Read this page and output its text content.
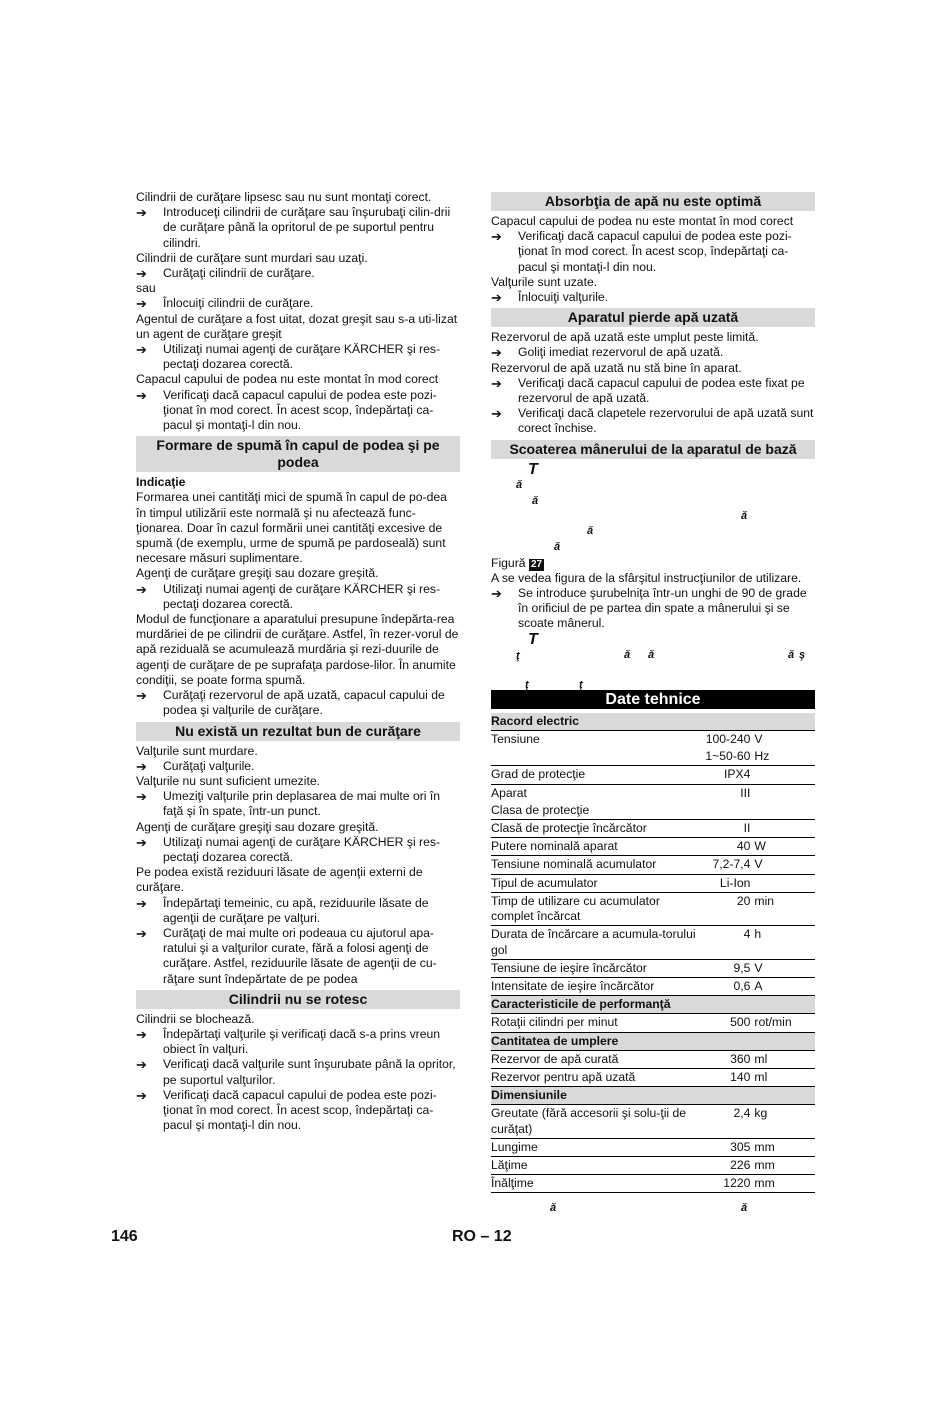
Cilindrii de curăţare lipsesc sau nu sunt montaţi corect.

➔	Introduceţi cilindrii de curăţare sau înşurubaţi cilin-drii de curăţare până la opritorul de pe suportul pentru cilindri.

Cilindrii de curăţare sunt murdari sau uzaţi.

➔	Curăţaţi cilindrii de curăţare.

sau

➔	Înlocuiţi cilindrii de curăţare.

Agentul de curăţare a fost uitat, dozat greşit sau s-a uti-lizat un agent de curăţare greşit

➔	Utilizaţi numai agenţi de curăţare KÄRCHER şi res-pectaţi dozarea corectă.

Capacul capului de podea nu este montat în mod corect

➔	Verificaţi dacă capacul capului de podea este pozi-ţionat în mod corect. În acest scop, îndepărtaţi ca-pacul şi montaţi-l din nou.
Formare de spumă în capul de podea şi pe podea

Indicaţie

Formarea unei cantităţi mici de spumă în capul de po-dea în timpul utilizării este normală şi nu afectează func-ţionarea. Doar în cazul formării unei cantităţi excesive de spumă (de exemplu, urme de spumă pe pardoseală) sunt necesare măsuri suplimentare.

Agenţi de curăţare greşiţi sau dozare greşită.

➔	Utilizaţi numai agenţi de curăţare KÄRCHER şi res-pectaţi dozarea corectă.

Modul de funcţionare a aparatului presupune îndepărta-rea murdăriei de pe cilindrii de curăţare. Astfel, în rezer-vorul de apă reziduală se acumulează murdăria şi rezi-duurile de agenţi de curăţare de pe suprafaţa pardose-lilor. În anumite condiţii, se poate forma spumă.

➔	Curăţaţi rezervorul de apă uzată, capacul capului de podea şi valţurile de curăţare.
Nu există un rezultat bun de curăţare

Valţurile sunt murdare.

➔	Curăţaţi valţurile.

Valţurile nu sunt suficient umezite.

➔	Umeziţi valţurile prin deplasarea de mai multe ori în faţă şi în spate, într-un punct.

Agenţi de curăţare greşiţi sau dozare greşită.

➔	Utilizaţi numai agenţi de curăţare KÄRCHER şi res-pectaţi dozarea corectă.

Pe podea există reziduuri lăsate de agenţii externi de curăţare.

➔	Îndepărtaţi temeinic, cu apă, reziduurile lăsate de agenţii de curăţare pe valţuri.
➔	Curăţaţi de mai multe ori podeaua cu ajutorul apa-ratului şi a valţurilor curate, fără a folosi agenţi de curăţare. Astfel, reziduurile lăsate de agenţii de cu-răţare sunt îndepărtate de pe podea
Cilindrii nu se rotesc

Cilindrii se blochează.

➔	Îndepărtaţi valţurile şi verificaţi dacă s-a prins vreun obiect în valţuri.
➔	Verificaţi dacă valţurile sunt înşurubate până la opritor, pe suportul valţurilor.
➔	Verificaţi dacă capacul capului de podea este pozi-ţionat în mod corect. În acest scop, îndepărtaţi ca-pacul şi montaţi-l din nou.
Absorbţia de apă nu este optimă

Capacul capului de podea nu este montat în mod corect

➔	Verificaţi dacă capacul capului de podea este pozi-ţionat în mod corect. În acest scop, îndepărtaţi ca-pacul şi montaţi-l din nou.

Valţurile sunt uzate.

➔	Înlocuiţi valţurile.
Aparatul pierde apă uzată

Rezervorul de apă uzată este umplut peste limită.

➔	Goliţi imediat rezervorul de apă uzată.

Rezervorul de apă uzată nu stă bine în aparat.

➔	Verificaţi dacă capacul capului de podea este fixat pe rezervorul de apă uzată.
➔	Verificaţi dacă clapetele rezervorului de apă uzată sunt corect închise.
Scoaterea mânerului de la aparatul de bază
T
ă
ă
ă
ă
ă

Figură 27

A se vedea figura de la sfârşitul instrucţiunilor de utilizare.

➔	Se introduce şurubelniţa într-un unghi de 90 de grade în orificiul de pe partea din spate a mânerului şi se scoate mânerul.
T
ţ	ă ă	ă ş
ţ	ţ
Date tehnice
Racord electric		
Tensiune	100-240	V
	1~50-60	Hz
Grad de protecţie	IPX4	
Aparat	III	
Clasa de protecţie		
Clasă de protecţie încărcător	II	
Putere nominală aparat	40	W
Tensiune nominală acumulator	7,2-7,4	V
Tipul de acumulator	Li-Ion	
Timp de utilizare cu acumulator complet încărcat	20	min
Durata de încărcare a acumula-torului gol	4	h
Tensiune de ieşire încărcător	9,5	V
Intensitate de ieşire încărcător	0,6	A
Caracteristicile de performanţă		
Rotaţii cilindri per minut	500	rot/min
Cantitatea de umplere		
Rezervor de apă curată	360	ml
Rezervor pentru apă uzată	140	ml
Dimensiunile		
Greutate (fără accesorii şi solu-ţii de curăţat)	2,4	kg
Lungime	305	mm
Lăţime	226	mm
Înălţime	1220	mm
ă	ă
146	RO – 12
